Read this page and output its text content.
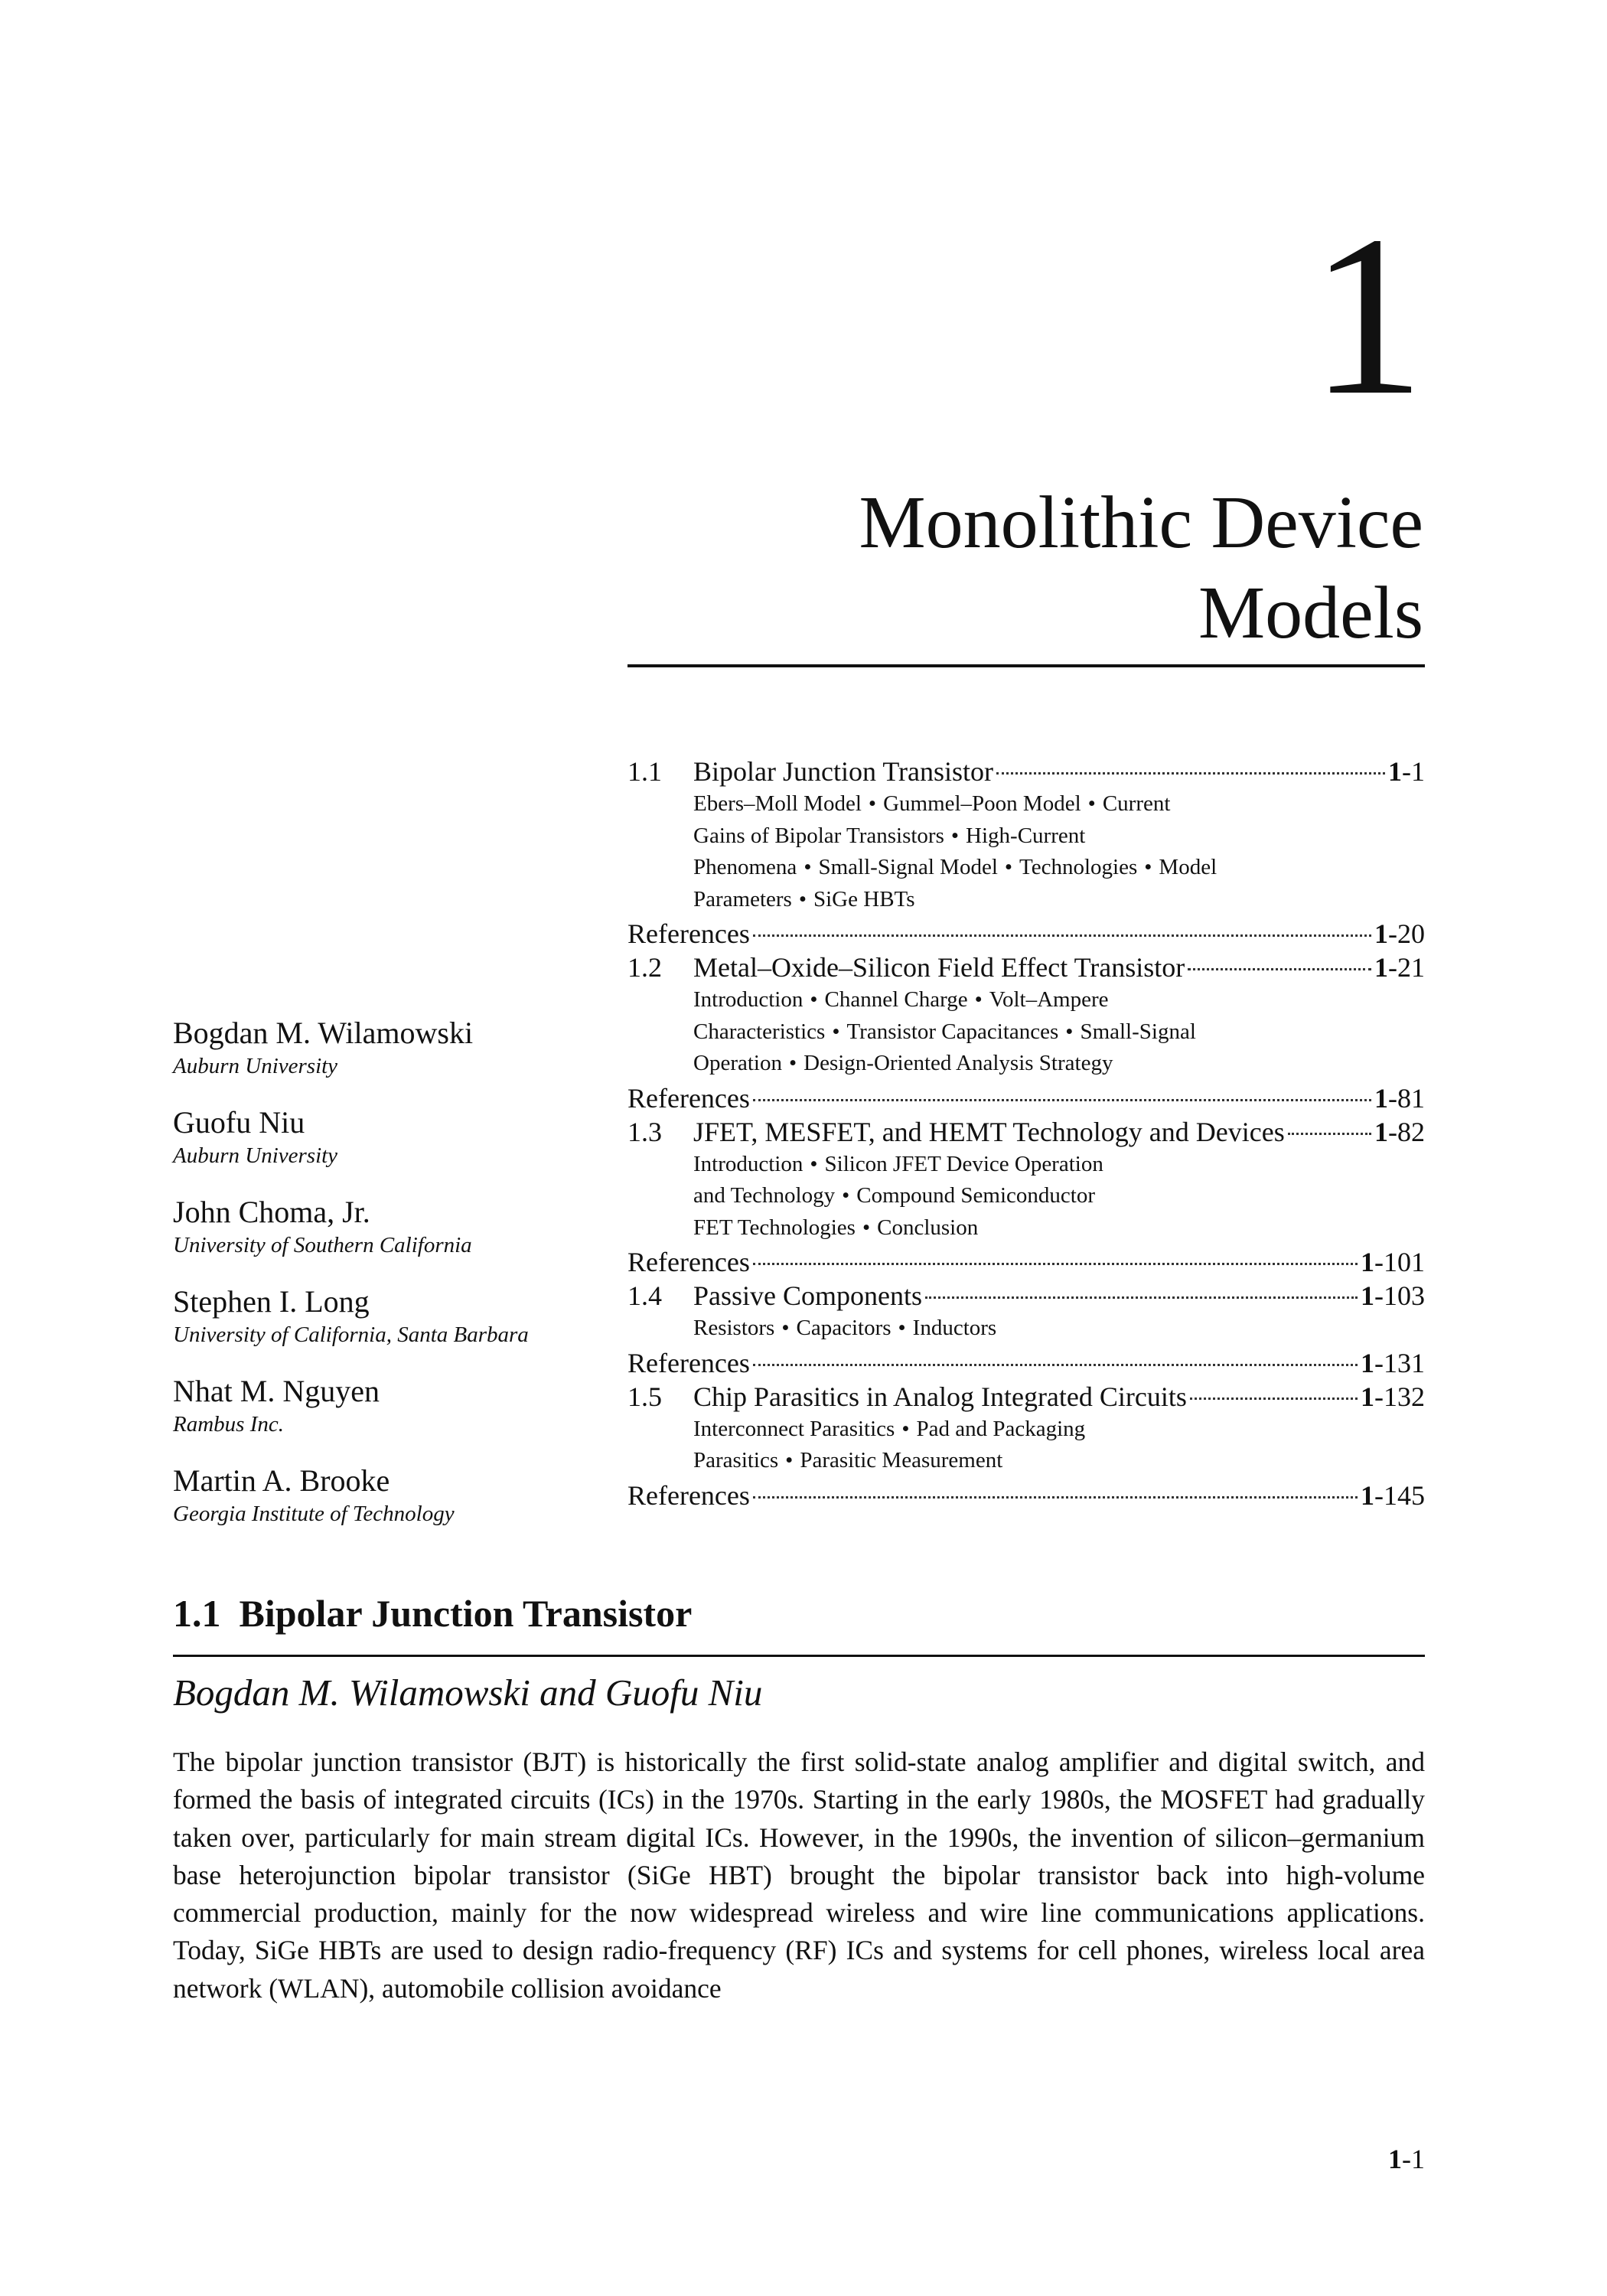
1
Monolithic Device
Models
Bogdan M. Wilamowski
Auburn University
Guofu Niu
Auburn University
John Choma, Jr.
University of Southern California
Stephen I. Long
University of California, Santa Barbara
Nhat M. Nguyen
Rambus Inc.
Martin A. Brooke
Georgia Institute of Technology
1.1	Bipolar Junction Transistor	1-1
Ebers–Moll Model • Gummel–Poon Model • Current
Gains of Bipolar Transistors • High-Current
Phenomena • Small-Signal Model • Technologies • Model
Parameters • SiGe HBTs
References	1-20
1.2	Metal–Oxide–Silicon Field Effect Transistor	1-21
Introduction • Channel Charge • Volt–Ampere
Characteristics • Transistor Capacitances • Small-Signal
Operation • Design-Oriented Analysis Strategy
References	1-81
1.3	JFET, MESFET, and HEMT Technology and Devices	1-82
Introduction • Silicon JFET Device Operation
and Technology • Compound Semiconductor
FET Technologies • Conclusion
References	1-101
1.4	Passive Components	1-103
Resistors • Capacitors • Inductors
References	1-131
1.5	Chip Parasitics in Analog Integrated Circuits	1-132
Interconnect Parasitics • Pad and Packaging
Parasitics • Parasitic Measurement
References	1-145
1.1 Bipolar Junction Transistor
Bogdan M. Wilamowski and Guofu Niu

The bipolar junction transistor (BJT) is historically the first solid-state analog amplifier and digital switch, and formed the basis of integrated circuits (ICs) in the 1970s. Starting in the early 1980s, the MOSFET had gradually taken over, particularly for main stream digital ICs. However, in the 1990s, the invention of silicon–germanium base heterojunction bipolar transistor (SiGe HBT) brought the bipolar transistor back into high-volume commercial production, mainly for the now widespread wireless and wire line communications applications. Today, SiGe HBTs are used to design radio-frequency (RF) ICs and systems for cell phones, wireless local area network (WLAN), automobile collision avoidance

1-1
